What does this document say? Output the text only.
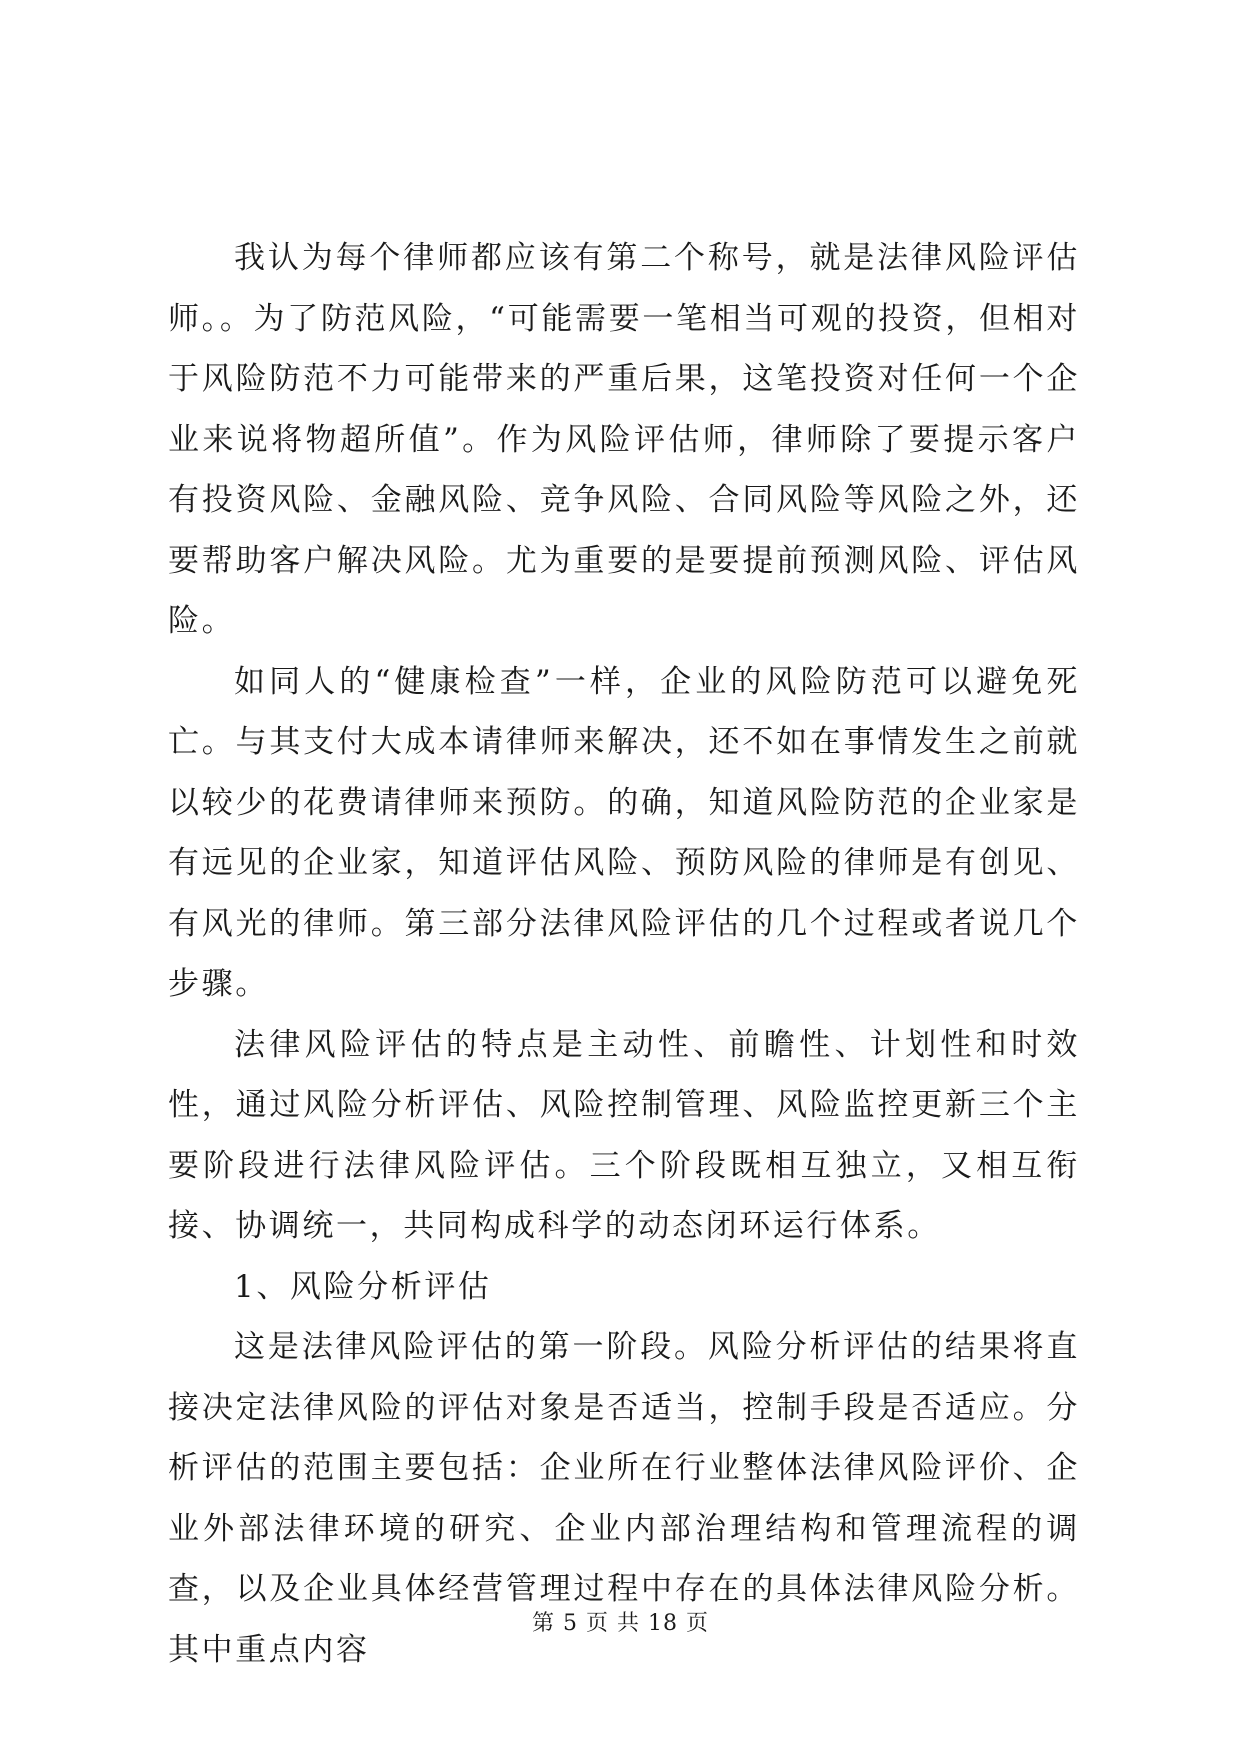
我认为每个律师都应该有第二个称号，就是法律风险评估师。。为了防范风险，“可能需要一笔相当可观的投资，但相对于风险防范不力可能带来的严重后果，这笔投资对任何一个企业来说将物超所值”。作为风险评估师，律师除了要提示客户有投资风险、金融风险、竞争风险、合同风险等风险之外，还要帮助客户解决风险。尤为重要的是要提前预测风险、评估风险。

如同人的“健康检查”一样，企业的风险防范可以避免死亡。与其支付大成本请律师来解决，还不如在事情发生之前就以较少的花费请律师来预防。的确，知道风险防范的企业家是有远见的企业家，知道评估风险、预防风险的律师是有创见、有风光的律师。第三部分法律风险评估的几个过程或者说几个步骤。

法律风险评估的特点是主动性、前瞻性、计划性和时效性，通过风险分析评估、风险控制管理、风险监控更新三个主要阶段进行法律风险评估。三个阶段既相互独立，又相互衔接、协调统一，共同构成科学的动态闭环运行体系。

1、风险分析评估

这是法律风险评估的第一阶段。风险分析评估的结果将直接决定法律风险的评估对象是否适当，控制手段是否适应。分析评估的范围主要包括：企业所在行业整体法律风险评价、企业外部法律环境的研究、企业内部治理结构和管理流程的调查，以及企业具体经营管理过程中存在的具体法律风险分析。其中重点内容

第 5 页 共 18 页
